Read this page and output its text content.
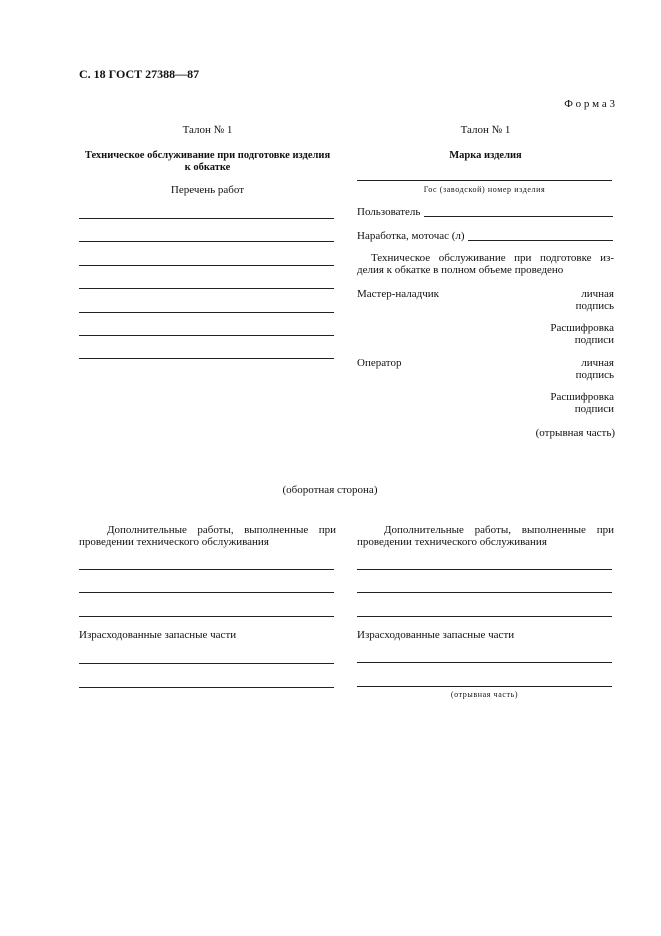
С. 18 ГОСТ 27388—87
Ф о р м а 3
Талон № 1
Техническое обслуживание при подготовке изделия
к обкатке
Перечень работ
Талон № 1
Марка изделия
Гос (заводской) номер изделия
Пользователь
Наработка, моточас (л)
Техническое обслуживание при подготовке из-
делия к обкатке в полном объеме проведено
Мастер-наладчик	личная
подпись
Расшифровка
подписи
Оператор	личная
подпись
Расшифровка
подписи
(отрывная часть)
(оборотная сторона)
Дополнительные работы, выполненные при
проведении технического обслуживания
Израсходованные запасные части
Дополнительные работы, выполненные при
проведении технического обслуживания
Израсходованные запасные части
(отрывная часть)
